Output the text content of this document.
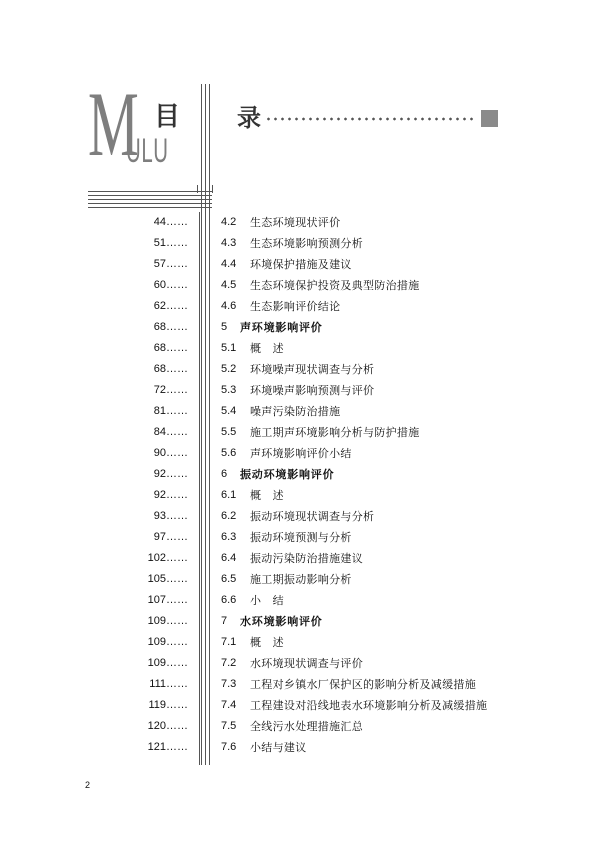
M 目
ULU
录
44……	4.2	生态环境现状评价
51……	4.3	生态环境影响预测分析
57……	4.4	环境保护措施及建议
60……	4.5	生态环境保护投资及典型防治措施
62……	4.6	生态影响评价结论
68……	5	声环境影响评价
68……	5.1	概　述
68……	5.2	环境噪声现状调查与分析
72……	5.3	环境噪声影响预测与评价
81……	5.4	噪声污染防治措施
84……	5.5	施工期声环境影响分析与防护措施
90……	5.6	声环境影响评价小结
92……	6	振动环境影响评价
92……	6.1	概　述
93……	6.2	振动环境现状调查与分析
97……	6.3	振动环境预测与分析
102……	6.4	振动污染防治措施建议
105……	6.5	施工期振动影响分析
107……	6.6	小　结
109……	7	水环境影响评价
109……	7.1	概　述
109……	7.2	水环境现状调查与评价
111……	7.3	工程对乡镇水厂保护区的影响分析及减缓措施
119……	7.4	工程建设对沿线地表水环境影响分析及减缓措施
120……	7.5	全线污水处理措施汇总
121……	7.6	小结与建议
2
